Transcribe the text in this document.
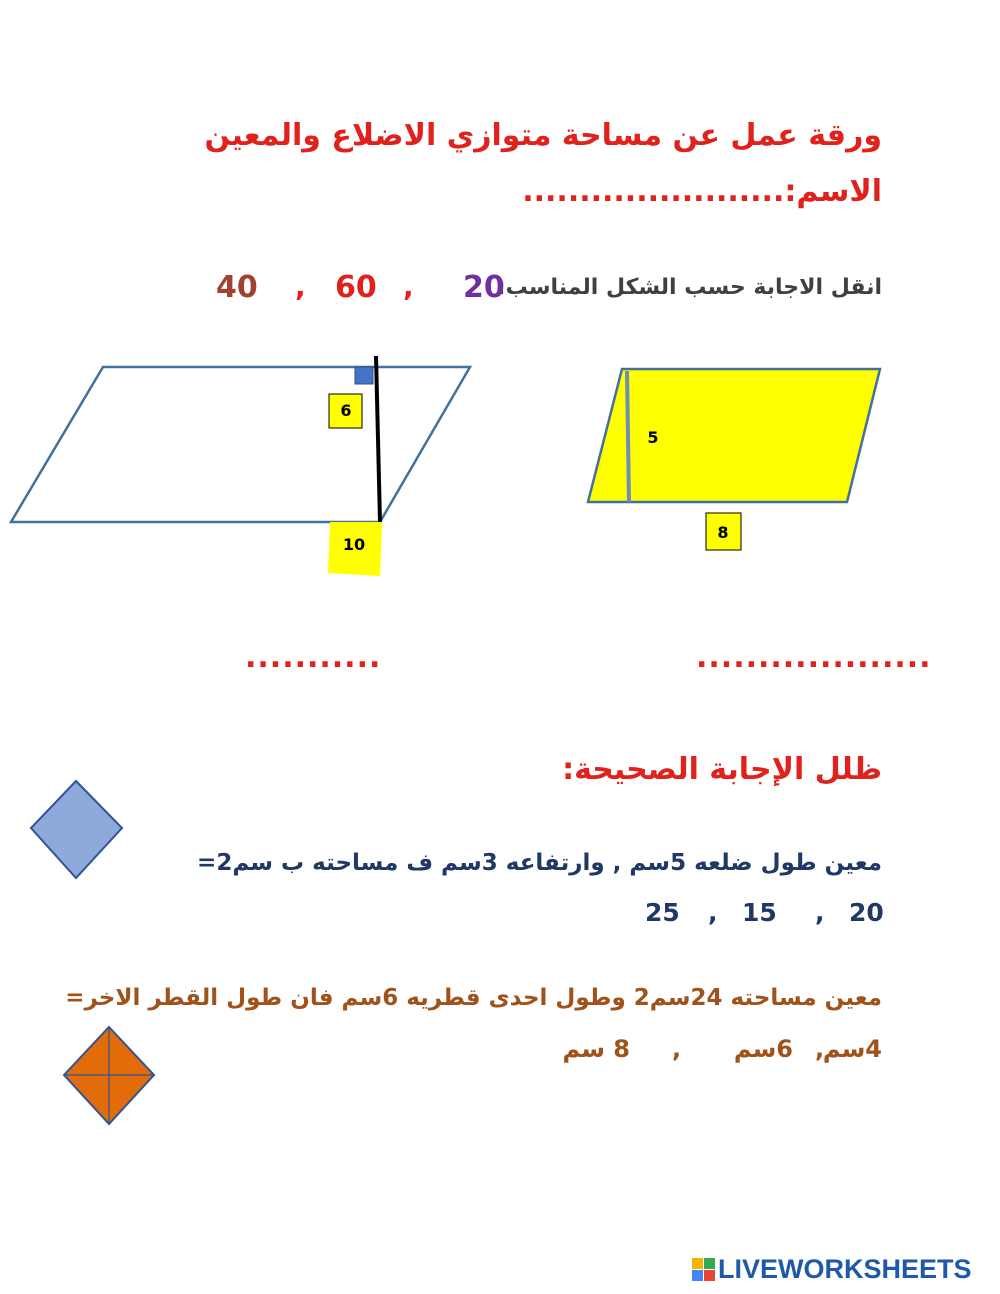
ورقة عمل عن مساحة متوازي الاضلاع والمعين
الاسم:.......................
انقل الاجابة حسب الشكل المناسب:
20
,
60
,
40
6
10
5
8
...........	...................
ظلل الإجابة الصحيحة:
معين طول ضلعه 5سم , وارتفاعه 3سم ف مساحته ب سم2=
20
,
15
,
25
معين مساحته 24سم2 وطول احدى قطريه 6سم فان طول القطر الاخر=
4سم
,
6سم
,
8 سم
LIVEWORKSHEETS
